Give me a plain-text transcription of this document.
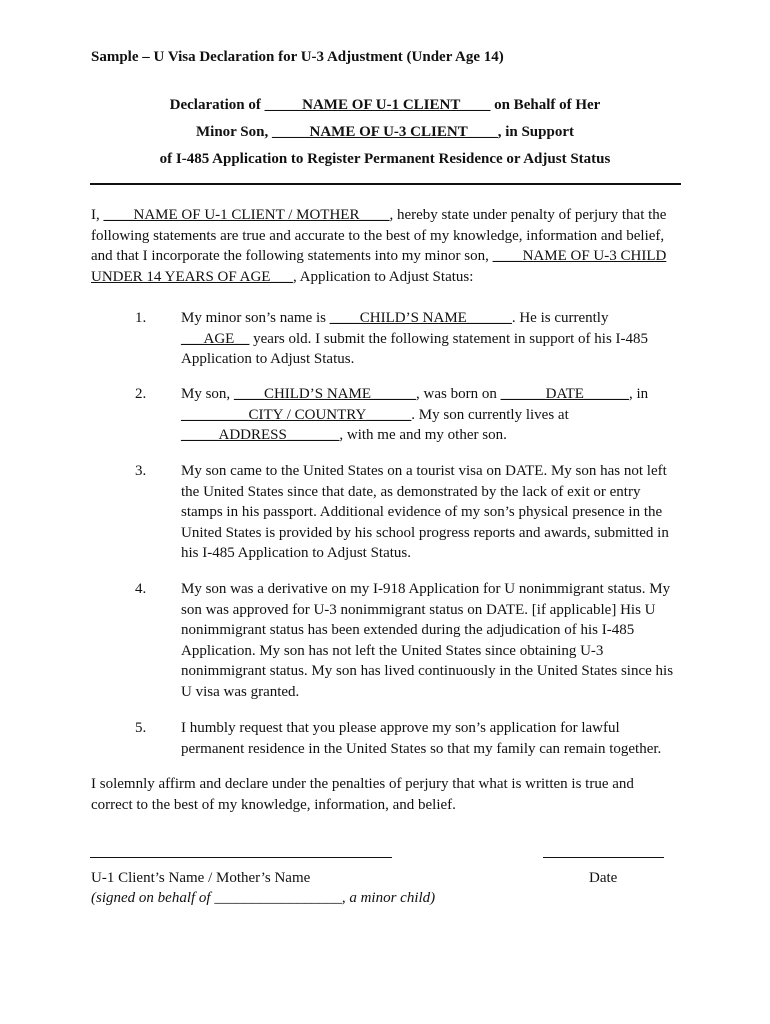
Sample – U Visa Declaration for U-3 Adjustment (Under Age 14)
Declaration of _____NAME OF U-1 CLIENT____ on Behalf of Her
Minor Son, _____NAME OF U-3 CLIENT____, in Support
of I-485 Application to Register Permanent Residence or Adjust Status
I, ____NAME OF U-1 CLIENT / MOTHER____, hereby state under penalty of perjury that the
following statements are true and accurate to the best of my knowledge, information and belief,
and that I incorporate the following statements into my minor son, ____NAME OF U-3 CHILD
UNDER 14 YEARS OF AGE___, Application to Adjust Status:
1. My minor son’s name is ____CHILD’S NAME______. He is currently
___AGE__ years old. I submit the following statement in support of his I-485
Application to Adjust Status.
2. My son, ____CHILD’S NAME______, was born on ______DATE______, in
_________CITY / COUNTRY______. My son currently lives at
_____ADDRESS_______, with me and my other son.
3. My son came to the United States on a tourist visa on DATE. My son has not left
the United States since that date, as demonstrated by the lack of exit or entry
stamps in his passport. Additional evidence of my son’s physical presence in the
United States is provided by his school progress reports and awards, submitted in
his I-485 Application to Adjust Status.
4. My son was a derivative on my I-918 Application for U nonimmigrant status. My
son was approved for U-3 nonimmigrant status on DATE. [if applicable] His U
nonimmigrant status has been extended during the adjudication of his I-485
Application. My son has not left the United States since obtaining U-3
nonimmigrant status. My son has lived continuously in the United States since his
U visa was granted.
5. I humbly request that you please approve my son’s application for lawful
permanent residence in the United States so that my family can remain together.
I solemnly affirm and declare under the penalties of perjury that what is written is true and
correct to the best of my knowledge, information, and belief.
U-1 Client’s Name / Mother’s Name	Date
(signed on behalf of _________________, a minor child)
